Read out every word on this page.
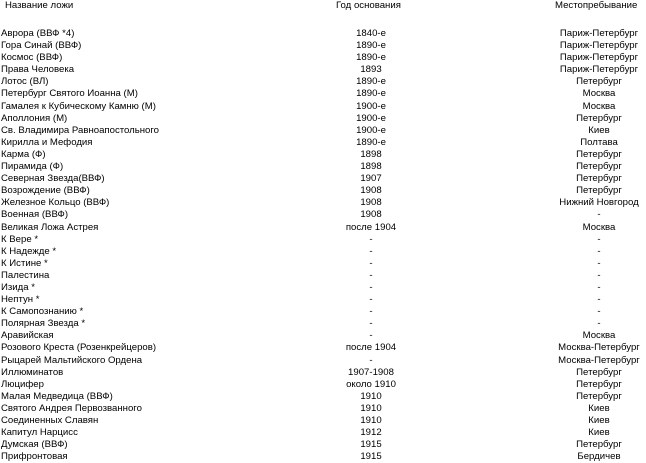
Название ложи	Год основания	Местопребывание
Аврора (ВВФ *4)	1840-е	Париж-Петербург
Гора Синай (ВВФ)	1890-е	Париж-Петербург
Космос (ВВФ)	1890-е	Париж-Петербург
Права Человека	1893	Париж-Петербург
Лотос (ВЛ)	1890-е	Петербург
Петербург Святого Иоанна (М)	1890-е	Москва
Гамалея к Кубическому Камню (М)	1900-е	Москва
Аполлония (М)	1900-е	Петербург
Св. Владимира Равноапостольного	1900-е	Киев
Кирилла и Мефодия	1890-е	Полтава
Карма (Ф)	1898	Петербург
Пирамида (Ф)	1898	Петербург
Северная Звезда(ВВФ)	1907	Петербург
Возрождение (ВВФ)	1908	Петербург
Железное Кольцо (ВВФ)	1908	Нижний Новгород
Военная (ВВФ)	1908	-
Великая Ложа Астрея	после 1904	Москва
К Вере *	-	-
К Надежде *	-	-
К Истине *	-	-
Палестина	-	-
Изида *	-	-
Нептун *	-	-
К Самопознанию *	-	-
Полярная Звезда *	-	-
Аравийская	-	Москва
Розового Креста (Розенкрейцеров)	после 1904	Москва-Петербург
Рыцарей Мальтийского Ордена	-	Москва-Петербург
Иллюминатов	1907-1908	Петербург
Люцифер	около 1910	Петербург
Малая Медведица (ВВФ)	1910	Петербург
Святого Андрея Первозванного	1910	Киев
Соединенных Славян	1910	Киев
Капитул Нарцисс	1912	Киев
Думская (ВВФ)	1915	Петербург
Прифронтовая	1915	Бердичев
